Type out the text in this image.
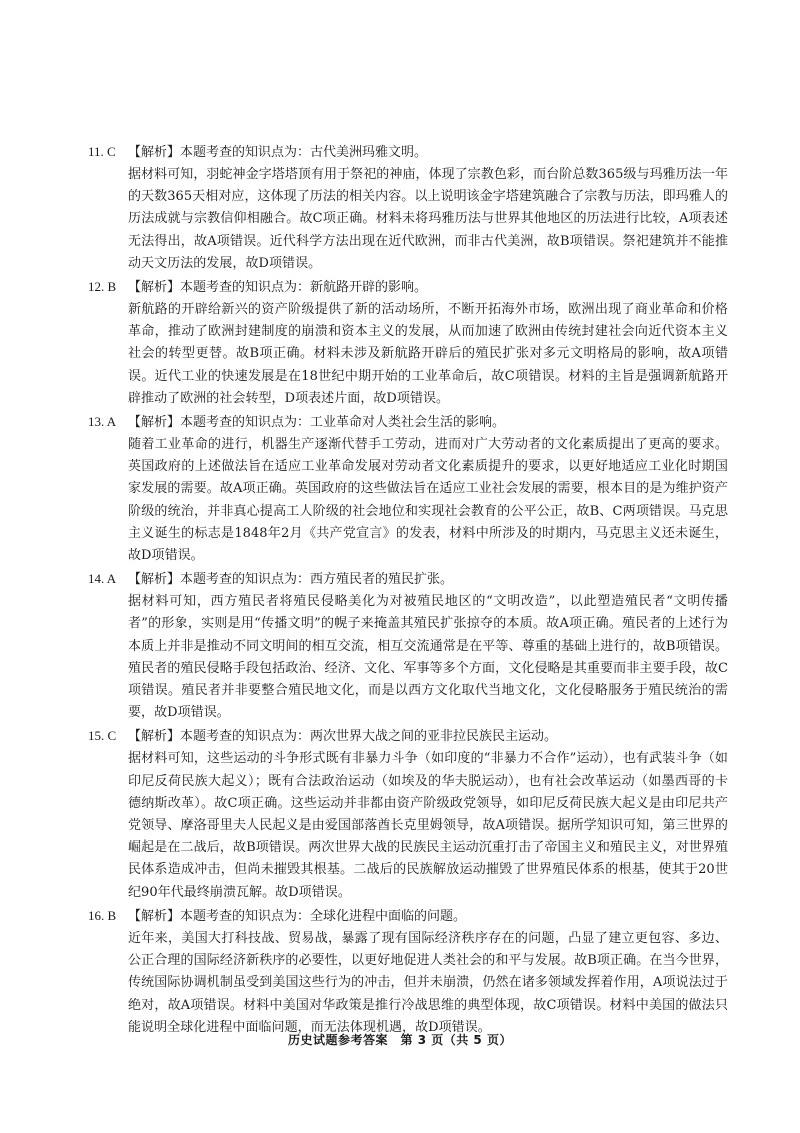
11. C 【解析】本题考查的知识点为：古代美洲玛雅文明。
据材料可知，羽蛇神金字塔塔顶有用于祭祀的神庙，体现了宗教色彩，而台阶总数365级与玛雅历法一年的天数365天相对应，这体现了历法的相关内容。以上说明该金字塔建筑融合了宗教与历法，即玛雅人的历法成就与宗教信仰相融合。故C项正确。材料未将玛雅历法与世界其他地区的历法进行比较，A项表述无法得出，故A项错误。近代科学方法出现在近代欧洲，而非古代美洲，故B项错误。祭祀建筑并不能推动天文历法的发展，故D项错误。
12. B 【解析】本题考查的知识点为：新航路开辟的影响。
新航路的开辟给新兴的资产阶级提供了新的活动场所，不断开拓海外市场，欧洲出现了商业革命和价格革命，推动了欧洲封建制度的崩溃和资本主义的发展，从而加速了欧洲由传统封建社会向近代资本主义社会的转型更替。故B项正确。材料未涉及新航路开辟后的殖民扩张对多元文明格局的影响，故A项错误。近代工业的快速发展是在18世纪中期开始的工业革命后，故C项错误。材料的主旨是强调新航路开辟推动了欧洲的社会转型，D项表述片面，故D项错误。
13. A 【解析】本题考查的知识点为：工业革命对人类社会生活的影响。
随着工业革命的进行，机器生产逐渐代替手工劳动，进而对广大劳动者的文化素质提出了更高的要求。英国政府的上述做法旨在适应工业革命发展对劳动者文化素质提升的要求，以更好地适应工业化时期国家发展的需要。故A项正确。英国政府的这些做法旨在适应工业社会发展的需要，根本目的是为维护资产阶级的统治，并非真心提高工人阶级的社会地位和实现社会教育的公平公正，故B、C两项错误。马克思主义诞生的标志是1848年2月《共产党宣言》的发表，材料中所涉及的时期内，马克思主义还未诞生，故D项错误。
14. A 【解析】本题考查的知识点为：西方殖民者的殖民扩张。
据材料可知，西方殖民者将殖民侵略美化为对被殖民地区的“文明改造”，以此塑造殖民者“文明传播者”的形象，实则是用“传播文明”的幌子来掩盖其殖民扩张掠夺的本质。故A项正确。殖民者的上述行为本质上并非是推动不同文明间的相互交流，相互交流通常是在平等、尊重的基础上进行的，故B项错误。殖民者的殖民侵略手段包括政治、经济、文化、军事等多个方面，文化侵略是其重要而非主要手段，故C项错误。殖民者并非要整合殖民地文化，而是以西方文化取代当地文化，文化侵略服务于殖民统治的需要，故D项错误。
15. C 【解析】本题考查的知识点为：两次世界大战之间的亚非拉民族民主运动。
据材料可知，这些运动的斗争形式既有非暴力斗争（如印度的“非暴力不合作”运动），也有武装斗争（如印尼反荷民族大起义）；既有合法政治运动（如埃及的华夫脱运动），也有社会改革运动（如墨西哥的卡德纳斯改革）。故C项正确。这些运动并非都由资产阶级政党领导，如印尼反荷民族大起义是由印尼共产党领导、摩洛哥里夫人民起义是由爱国部落酋长克里姆领导，故A项错误。据所学知识可知，第三世界的崛起是在二战后，故B项错误。两次世界大战的民族民主运动沉重打击了帝国主义和殖民主义，对世界殖民体系造成冲击，但尚未摧毁其根基。二战后的民族解放运动摧毁了世界殖民体系的根基，使其于20世纪90年代最终崩溃瓦解。故D项错误。
16. B 【解析】本题考查的知识点为：全球化进程中面临的问题。
近年来，美国大打科技战、贸易战，暴露了现有国际经济秩序存在的问题，凸显了建立更包容、多边、公正合理的国际经济新秩序的必要性，以更好地促进人类社会的和平与发展。故B项正确。在当今世界，传统国际协调机制虽受到美国这些行为的冲击，但并未崩溃，仍然在诸多领域发挥着作用，A项说法过于绝对，故A项错误。材料中美国对华政策是推行冷战思维的典型体现，故C项错误。材料中美国的做法只能说明全球化进程中面临问题，而无法体现机遇，故D项错误。
历史试题参考答案　第 3 页（共 5 页）
